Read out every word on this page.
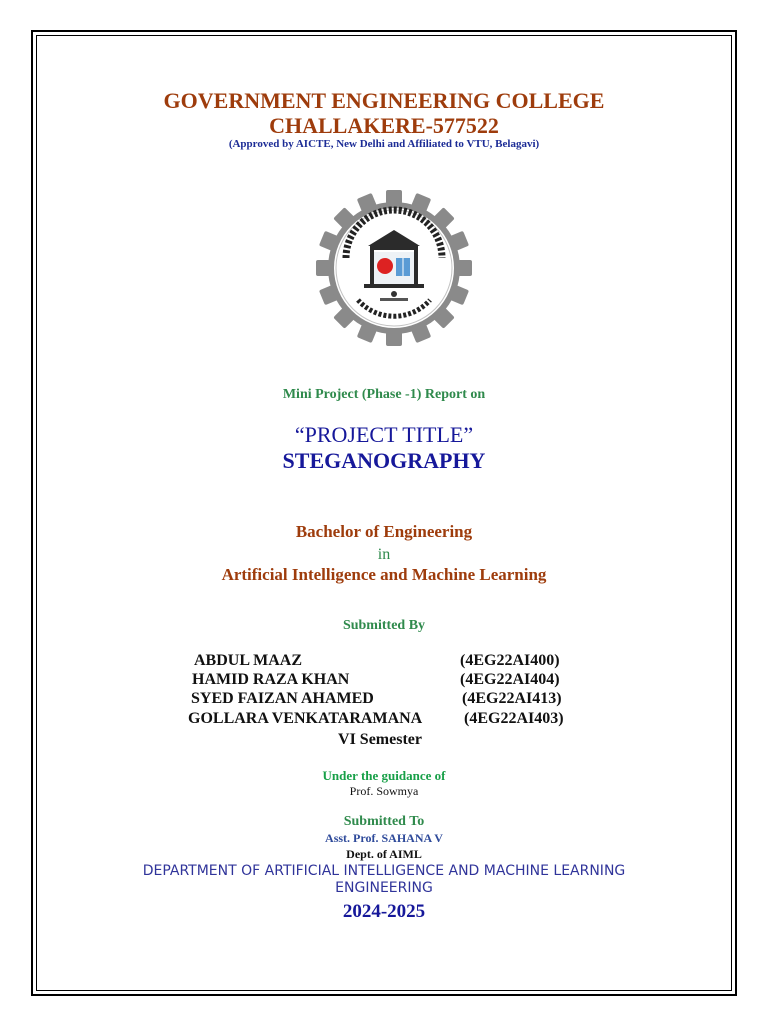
GOVERNMENT ENGINEERING COLLEGE
CHALLAKERE-577522
(Approved by AICTE, New Delhi and Affiliated to VTU, Belagavi)
Mini Project (Phase -1) Report on
“PROJECT TITLE”
STEGANOGRAPHY
Bachelor of Engineering
in
Artificial Intelligence and Machine Learning
Submitted By
ABDUL MAAZ	(4EG22AI400)
HAMID RAZA KHAN	(4EG22AI404)
SYED FAIZAN AHAMED	(4EG22AI413)
GOLLARA VENKATARAMANA	(4EG22AI403)
VI Semester
Under the guidance of
Prof. Sowmya
Submitted To
Asst. Prof. SAHANA V
Dept. of AIML
DEPARTMENT OF ARTIFICIAL INTELLIGENCE AND MACHINE LEARNING
ENGINEERING
2024-2025
